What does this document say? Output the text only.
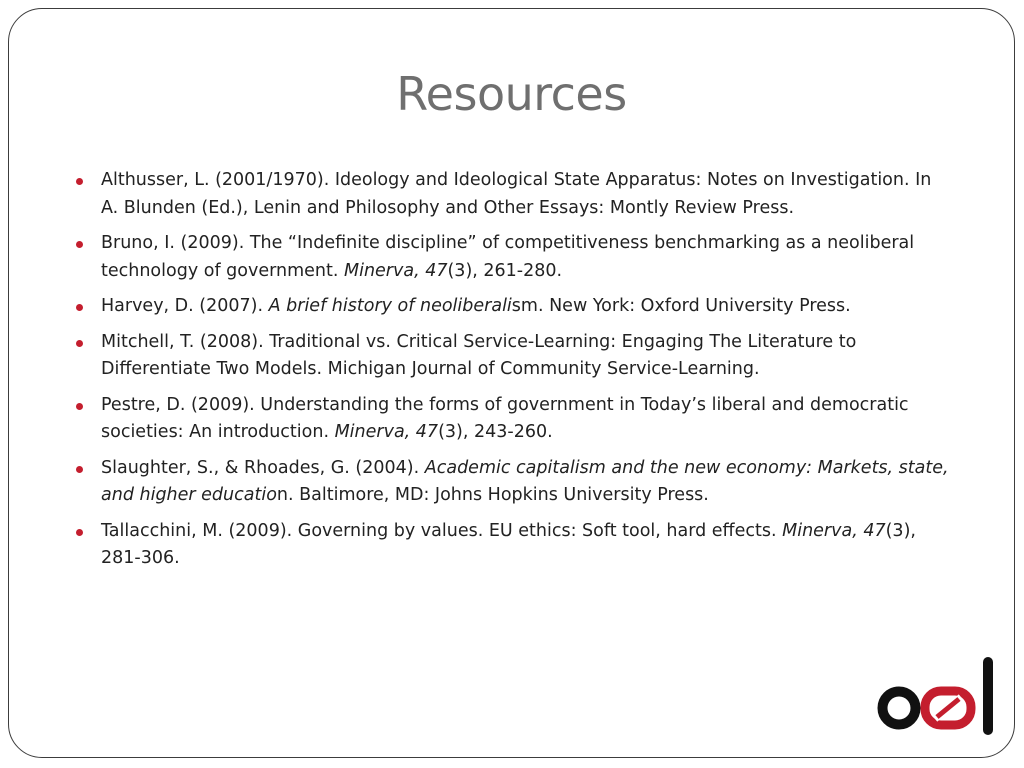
Resources
Althusser, L. (2001/1970). Ideology and Ideological State Apparatus: Notes on Investigation. In A. Blunden (Ed.), Lenin and Philosophy and Other Essays: Montly Review Press.
Bruno, I. (2009). The “Indefinite discipline” of competitiveness benchmarking as a neoliberal technology of government. Minerva, 47(3), 261-280.
Harvey, D. (2007). A brief history of neoliberalism. New York: Oxford University Press.
Mitchell, T. (2008). Traditional vs. Critical Service-Learning: Engaging The Literature to Differentiate Two Models. Michigan Journal of Community Service-Learning.
Pestre, D. (2009). Understanding the forms of government in Today’s liberal and democratic societies: An introduction. Minerva, 47(3), 243-260.
Slaughter, S., & Rhoades, G. (2004). Academic capitalism and the new economy: Markets, state, and higher education. Baltimore, MD: Johns Hopkins University Press.
Tallacchini, M. (2009). Governing by values. EU ethics: Soft tool, hard effects. Minerva, 47(3), 281-306.
